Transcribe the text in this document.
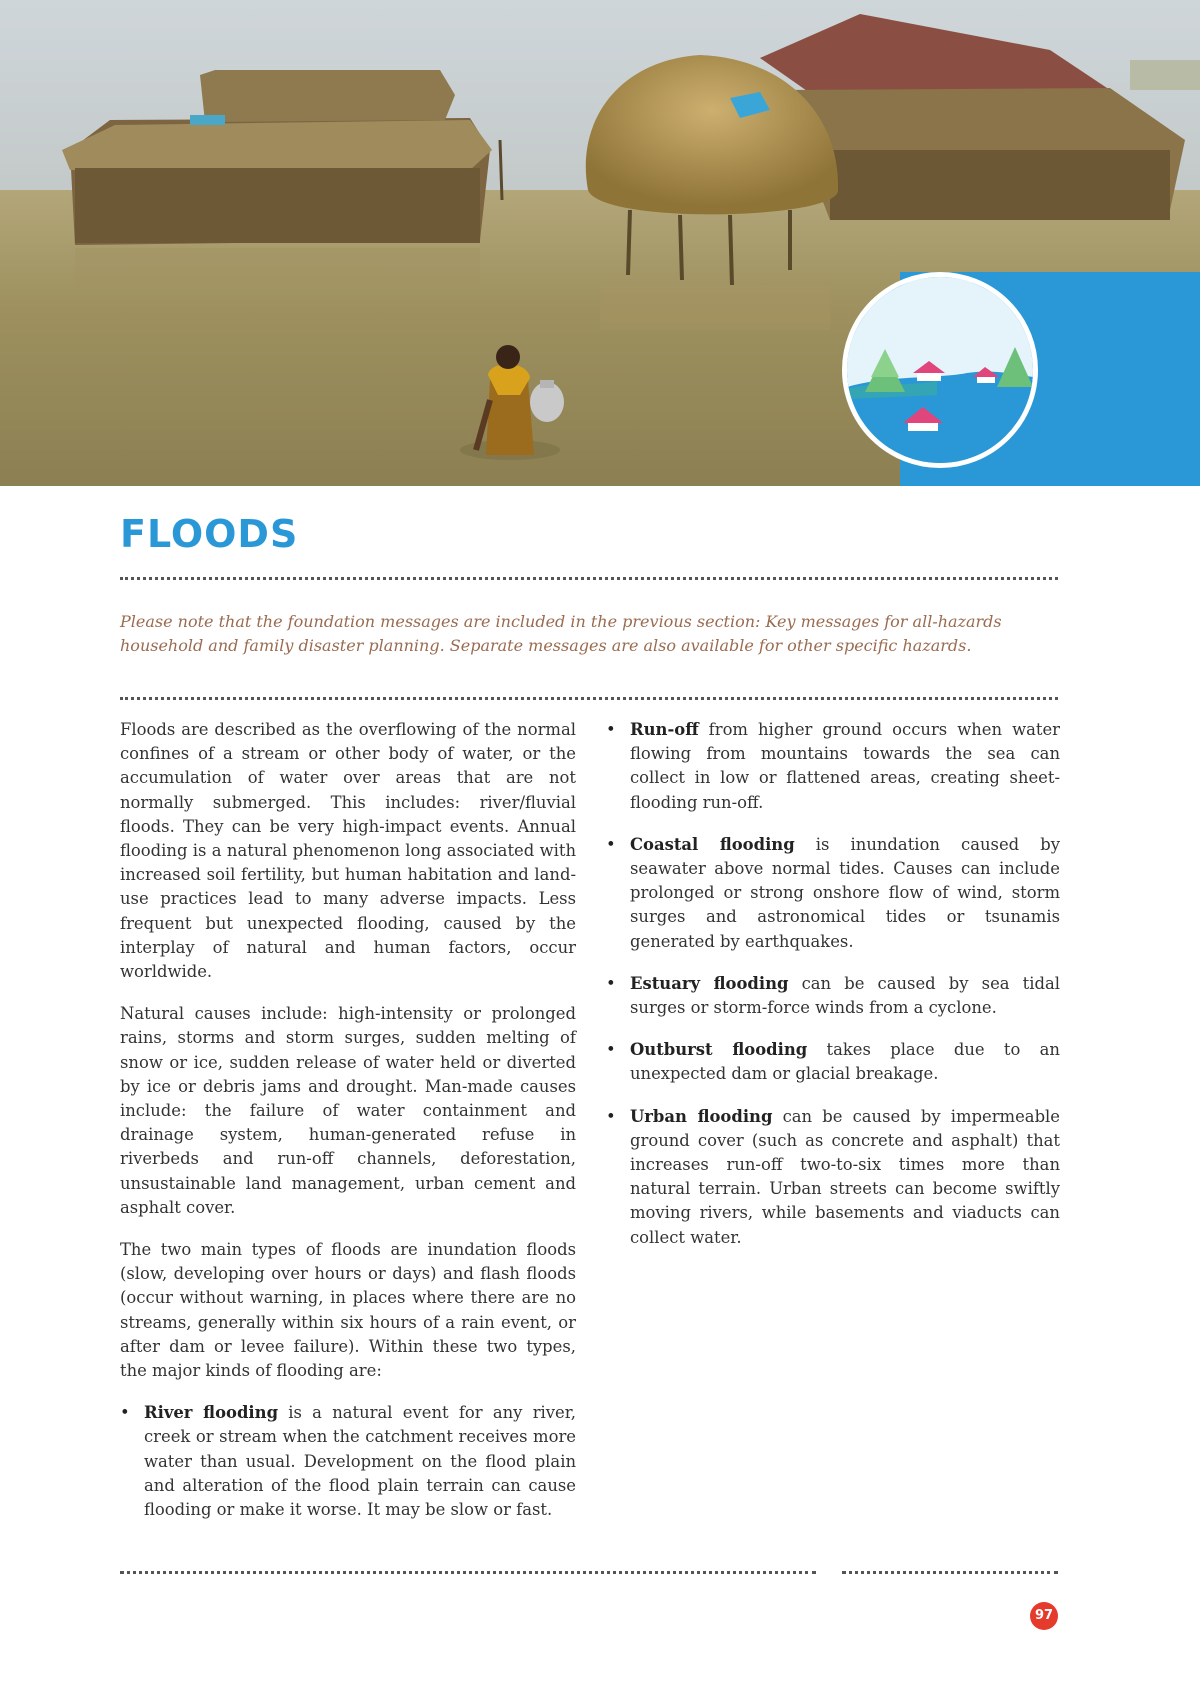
FLOODS

Please note that the foundation messages are included in the previous section: Key messages for all-hazards household and family disaster planning. Separate messages are also available for other specific hazards.

Floods are described as the overflowing of the normal confines of a stream or other body of water, or the accumulation of water over areas that are not normally submerged. This includes: river/fluvial floods. They can be very high-impact events. Annual flooding is a natural phenomenon long associated with increased soil fertility, but human habitation and land-use practices lead to many adverse impacts. Less frequent but unexpected flooding, caused by the interplay of natural and human factors, occur worldwide.

Natural causes include: high-intensity or prolonged rains, storms and storm surges, sudden melting of snow or ice, sudden release of water held or diverted by ice or debris jams and drought. Man-made causes include: the failure of water containment and drainage system, human-generated refuse in riverbeds and run-off channels, deforestation, unsustainable land management, urban cement and asphalt cover.

The two main types of floods are inundation floods (slow, developing over hours or days) and flash floods (occur without warning, in places where there are no streams, generally within six hours of a rain event, or after dam or levee failure). Within these two types, the major kinds of flooding are:

• River flooding is a natural event for any river, creek or stream when the catchment receives more water than usual. Development on the flood plain and alteration of the flood plain terrain can cause flooding or make it worse. It may be slow or fast.
• Run-off from higher ground occurs when water flowing from mountains towards the sea can collect in low or flattened areas, creating sheet-flooding run-off.
• Coastal flooding is inundation caused by seawater above normal tides. Causes can include prolonged or strong onshore flow of wind, storm surges and astronomical tides or tsunamis generated by earthquakes.
• Estuary flooding can be caused by sea tidal surges or storm-force winds from a cyclone.
• Outburst flooding takes place due to an unexpected dam or glacial breakage.
• Urban flooding can be caused by impermeable ground cover (such as concrete and asphalt) that increases run-off two-to-six times more than natural terrain. Urban streets can become swiftly moving rivers, while basements and viaducts can collect water.
97
